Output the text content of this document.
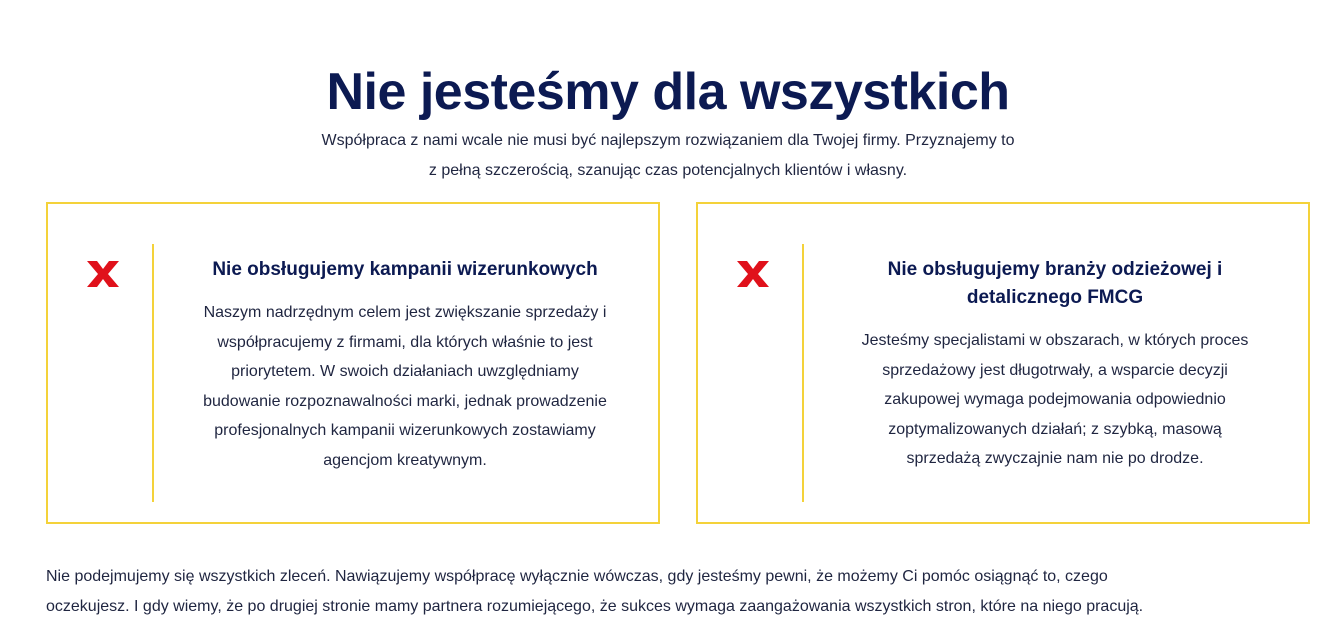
Nie jesteśmy dla wszystkich
Współpraca z nami wcale nie musi być najlepszym rozwiązaniem dla Twojej firmy. Przyznajemy to
z pełną szczerością, szanując czas potencjalnych klientów i własny.
Nie obsługujemy kampanii wizerunkowych

Naszym nadrzędnym celem jest zwiększanie sprzedaży i
współpracujemy z firmami, dla których właśnie to jest
priorytetem. W swoich działaniach uwzględniamy
budowanie rozpoznawalności marki, jednak prowadzenie
profesjonalnych kampanii wizerunkowych zostawiamy
agencjom kreatywnym.

Nie obsługujemy branży odzieżowej i
detalicznego FMCG

Jesteśmy specjalistami w obszarach, w których proces
sprzedażowy jest długotrwały, a wsparcie decyzji
zakupowej wymaga podejmowania odpowiednio
zoptymalizowanych działań; z szybką, masową
sprzedażą zwyczajnie nam nie po drodze.

Nie podejmujemy się wszystkich zleceń. Nawiązujemy współpracę wyłącznie wówczas, gdy jesteśmy pewni, że możemy Ci pomóc osiągnąć to, czego
oczekujesz. I gdy wiemy, że po drugiej stronie mamy partnera rozumiejącego, że sukces wymaga zaangażowania wszystkich stron, które na niego pracują.
